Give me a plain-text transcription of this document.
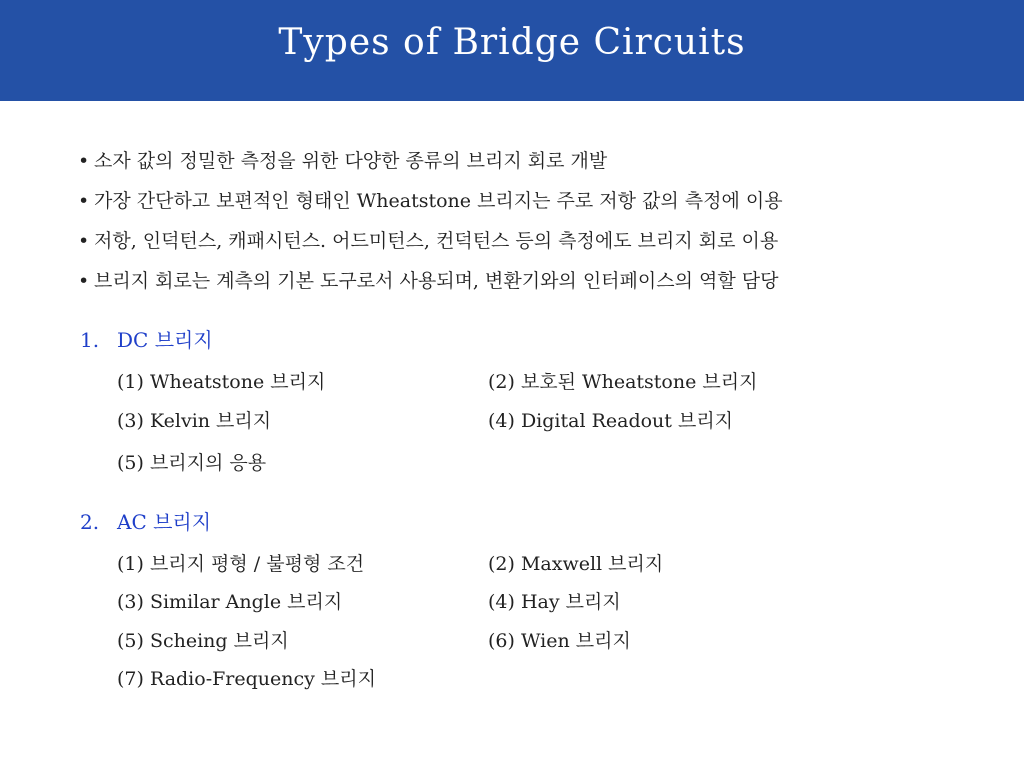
Types of Bridge Circuits
• 소자 값의 정밀한 측정을 위한 다양한 종류의 브리지 회로 개발
• 가장 간단하고 보편적인 형태인 Wheatstone 브리지는 주로 저항 값의 측정에 이용
• 저항, 인덕턴스, 캐패시턴스. 어드미턴스, 컨덕턴스 등의 측정에도 브리지 회로 이용
• 브리지 회로는 계측의 기본 도구로서 사용되며, 변환기와의 인터페이스의 역할 담당
1. DC 브리지
(1) Wheatstone 브리지	(2) 보호된 Wheatstone 브리지
(3) Kelvin 브리지	(4) Digital Readout 브리지
(5) 브리지의 응용
2. AC 브리지
(1) 브리지 평형 / 불평형 조건	(2) Maxwell 브리지
(3) Similar Angle 브리지	(4) Hay 브리지
(5) Scheing 브리지	(6) Wien 브리지
(7) Radio-Frequency 브리지
